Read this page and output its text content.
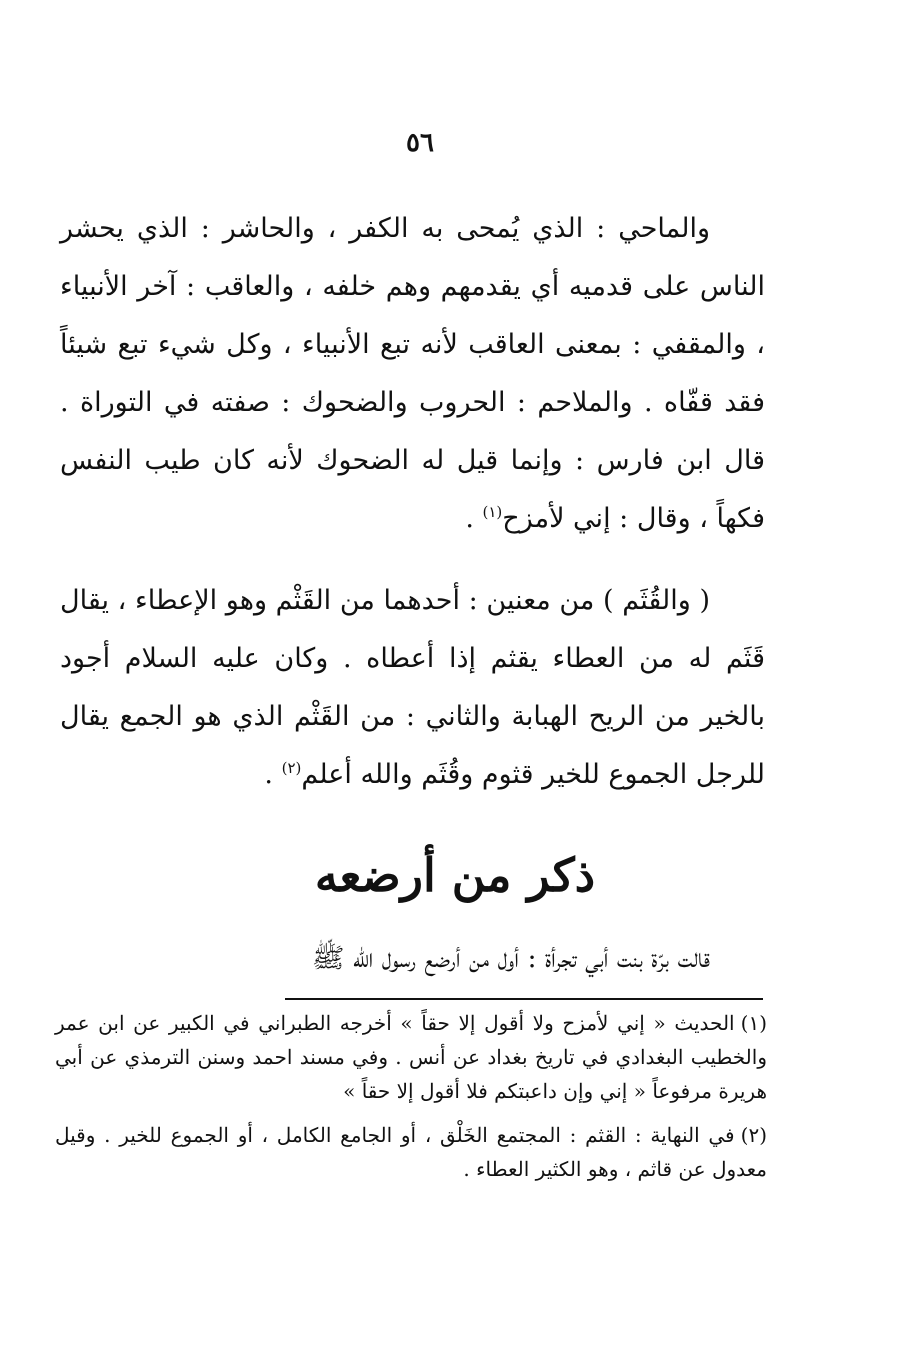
٥٦

والماحي : الذي يُمحى به الكفر ، والحاشر : الذي يحشر الناس على قدميه أي يقدمهم وهم خلفه ، والعاقب : آخر الأنبياء ، والمقفي : بمعنى العاقب لأنه تبع الأنبياء ، وكل شيء تبع شيئاً فقد قفّاه . والملاحم : الحروب والضحوك : صفته في التوراة . قال ابن فارس : وإنما قيل له الضحوك لأنه كان طيب النفس فكهاً ، وقال : إني لأمزح$^{(١)}$ .

( والقُثَم ) من معنين : أحدهما من القَثْم وهو الإعطاء ، يقال قَثَم له من العطاء يقثم إذا أعطاه . وكان عليه السلام أجود بالخير من الريح الهبابة والثاني : من القَثْم الذي هو الجمع يقال للرجل الجموع للخير قثوم وقُثَم والله أعلم$^{(٢)}$ .

ذكر من أرضعه
قالت برّة بنت أبي تجرأة : أول من أرضع رسول الله ﷺ

(١)الحديث « إني لأمزح ولا أقول إلا حقاً » أخرجه الطبراني في الكبير عن ابن عمر والخطيب البغدادي في تاريخ بغداد عن أنس . وفي مسند احمد وسنن الترمذي عن أبي هريرة مرفوعاً « إني وإن داعبتكم فلا أقول إلا حقاً »

(٢)في النهاية : القثم : المجتمع الخَلْق ، أو الجامع الكامل ، أو الجموع للخير . وقيل معدول عن قاثم ، وهو الكثير العطاء .
